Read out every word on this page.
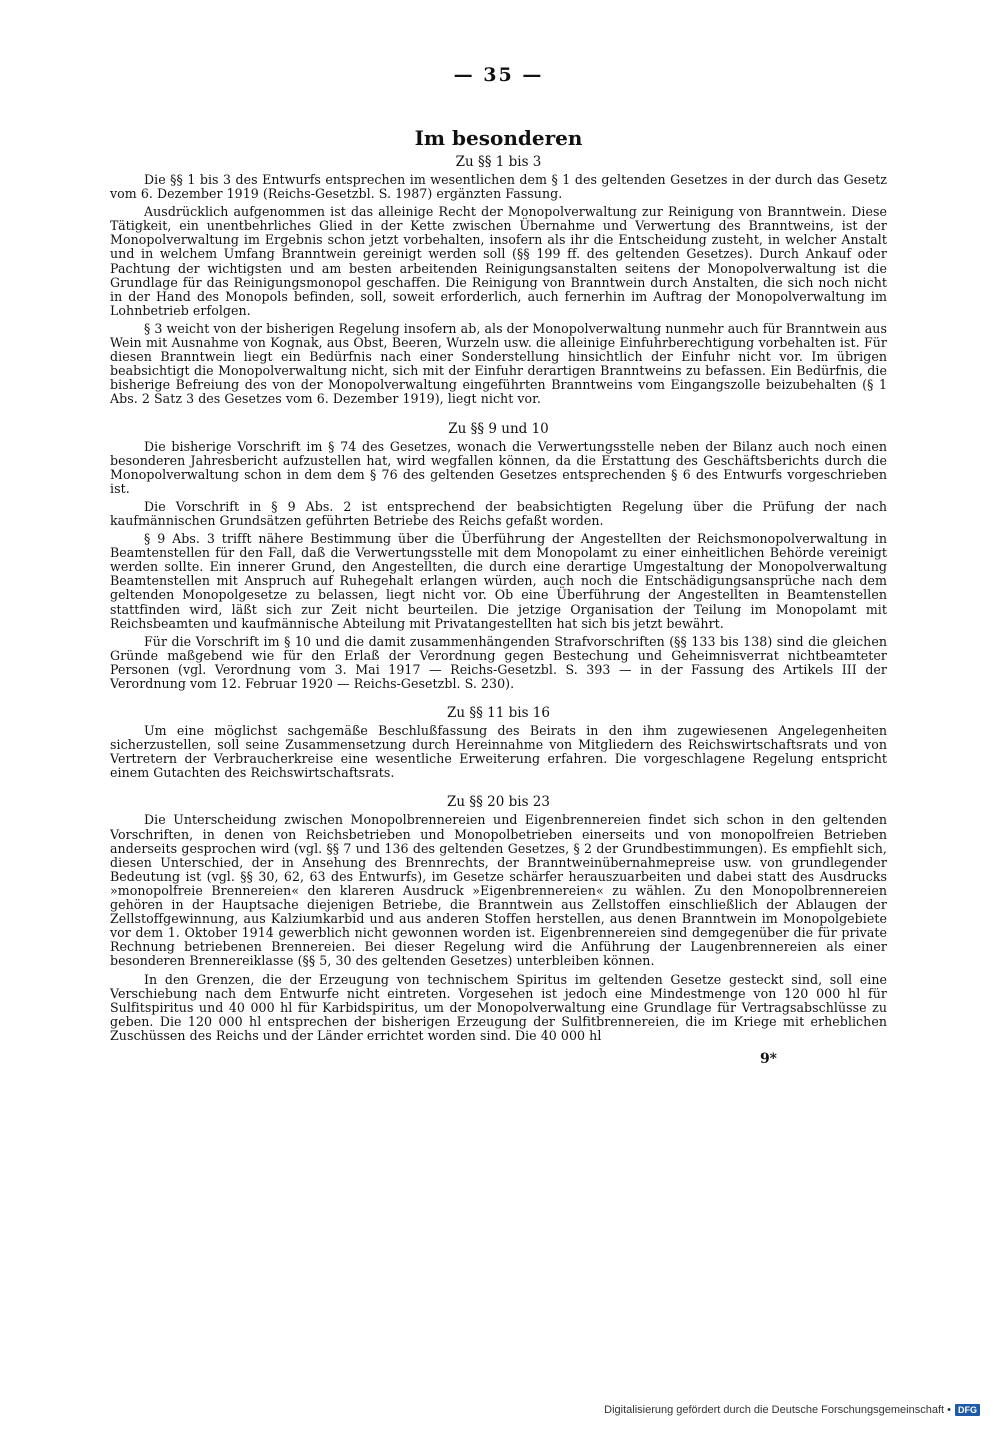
— 35 —
Im besonderen
Zu §§ 1 bis 3

Die §§ 1 bis 3 des Entwurfs entsprechen im wesentlichen dem § 1 des geltenden Gesetzes in der durch das Gesetz vom 6. Dezember 1919 (Reichs-Gesetzbl. S. 1987) ergänzten Fassung.

Ausdrücklich aufgenommen ist das alleinige Recht der Monopolverwaltung zur Reinigung von Branntwein. Diese Tätigkeit, ein unentbehrliches Glied in der Kette zwischen Übernahme und Verwertung des Branntweins, ist der Monopolverwaltung im Ergebnis schon jetzt vorbehalten, insofern als ihr die Entscheidung zusteht, in welcher Anstalt und in welchem Umfang Branntwein gereinigt werden soll (§§ 199 ff. des geltenden Gesetzes). Durch Ankauf oder Pachtung der wichtigsten und am besten arbeitenden Reinigungsanstalten seitens der Monopolverwaltung ist die Grundlage für das Reinigungsmonopol geschaffen. Die Reinigung von Branntwein durch Anstalten, die sich noch nicht in der Hand des Monopols befinden, soll, soweit erforderlich, auch fernerhin im Auftrag der Monopolverwaltung im Lohnbetrieb erfolgen.

§ 3 weicht von der bisherigen Regelung insofern ab, als der Monopolverwaltung nunmehr auch für Branntwein aus Wein mit Ausnahme von Kognak, aus Obst, Beeren, Wurzeln usw. die alleinige Einfuhrberechtigung vorbehalten ist. Für diesen Branntwein liegt ein Bedürfnis nach einer Sonderstellung hinsichtlich der Einfuhr nicht vor. Im übrigen beabsichtigt die Monopolverwaltung nicht, sich mit der Einfuhr derartigen Branntweins zu befassen. Ein Bedürfnis, die bisherige Befreiung des von der Monopolverwaltung eingeführten Branntweins vom Eingangszolle beizubehalten (§ 1 Abs. 2 Satz 3 des Gesetzes vom 6. Dezember 1919), liegt nicht vor.

Zu §§ 9 und 10

Die bisherige Vorschrift im § 74 des Gesetzes, wonach die Verwertungsstelle neben der Bilanz auch noch einen besonderen Jahresbericht aufzustellen hat, wird wegfallen können, da die Erstattung des Geschäftsberichts durch die Monopolverwaltung schon in dem dem § 76 des geltenden Gesetzes entsprechenden § 6 des Entwurfs vorgeschrieben ist.

Die Vorschrift in § 9 Abs. 2 ist entsprechend der beabsichtigten Regelung über die Prüfung der nach kaufmännischen Grundsätzen geführten Betriebe des Reichs gefaßt worden.

§ 9 Abs. 3 trifft nähere Bestimmung über die Überführung der Angestellten der Reichsmonopolverwaltung in Beamtenstellen für den Fall, daß die Verwertungsstelle mit dem Monopolamt zu einer einheitlichen Behörde vereinigt werden sollte. Ein innerer Grund, den Angestellten, die durch eine derartige Umgestaltung der Monopolverwaltung Beamtenstellen mit Anspruch auf Ruhegehalt erlangen würden, auch noch die Entschädigungsansprüche nach dem geltenden Monopolgesetze zu belassen, liegt nicht vor. Ob eine Überführung der Angestellten in Beamtenstellen stattfinden wird, läßt sich zur Zeit nicht beurteilen. Die jetzige Organisation der Teilung im Monopolamt mit Reichsbeamten und kaufmännische Abteilung mit Privatangestellten hat sich bis jetzt bewährt.

Für die Vorschrift im § 10 und die damit zusammenhängenden Strafvorschriften (§§ 133 bis 138) sind die gleichen Gründe maßgebend wie für den Erlaß der Verordnung gegen Bestechung und Geheimnisverrat nichtbeamteter Personen (vgl. Verordnung vom 3. Mai 1917 — Reichs-Gesetzbl. S. 393 — in der Fassung des Artikels III der Verordnung vom 12. Februar 1920 — Reichs-Gesetzbl. S. 230).

Zu §§ 11 bis 16

Um eine möglichst sachgemäße Beschlußfassung des Beirats in den ihm zugewiesenen Angelegenheiten sicherzustellen, soll seine Zusammensetzung durch Hereinnahme von Mitgliedern des Reichswirtschaftsrats und von Vertretern der Verbraucherkreise eine wesentliche Erweiterung erfahren. Die vorgeschlagene Regelung entspricht einem Gutachten des Reichswirtschaftsrats.

Zu §§ 20 bis 23

Die Unterscheidung zwischen Monopolbrennereien und Eigenbrennereien findet sich schon in den geltenden Vorschriften, in denen von Reichsbetrieben und Monopolbetrieben einerseits und von monopolfreien Betrieben anderseits gesprochen wird (vgl. §§ 7 und 136 des geltenden Gesetzes, § 2 der Grundbestimmungen). Es empfiehlt sich, diesen Unterschied, der in Ansehung des Brennrechts, der Branntweinübernahmepreise usw. von grundlegender Bedeutung ist (vgl. §§ 30, 62, 63 des Entwurfs), im Gesetze schärfer herauszuarbeiten und dabei statt des Ausdrucks »monopolfreie Brennereien« den klareren Ausdruck »Eigenbrennereien« zu wählen. Zu den Monopolbrennereien gehören in der Hauptsache diejenigen Betriebe, die Branntwein aus Zellstoffen einschließlich der Ablaugen der Zellstoffgewinnung, aus Kalziumkarbid und aus anderen Stoffen herstellen, aus denen Branntwein im Monopolgebiete vor dem 1. Oktober 1914 gewerblich nicht gewonnen worden ist. Eigenbrennereien sind demgegenüber die für private Rechnung betriebenen Brennereien. Bei dieser Regelung wird die Anführung der Laugenbrennereien als einer besonderen Brennereiklasse (§§ 5, 30 des geltenden Gesetzes) unterbleiben können.

In den Grenzen, die der Erzeugung von technischem Spiritus im geltenden Gesetze gesteckt sind, soll eine Verschiebung nach dem Entwurfe nicht eintreten. Vorgesehen ist jedoch eine Mindestmenge von 120 000 hl für Sulfitspiritus und 40 000 hl für Karbidspiritus, um der Monopolverwaltung eine Grundlage für Vertragsabschlüsse zu geben. Die 120 000 hl entsprechen der bisherigen Erzeugung der Sulfitbrennereien, die im Kriege mit erheblichen Zuschüssen des Reichs und der Länder errichtet worden sind. Die 40 000 hl

9*
Digitalisierung gefördert durch die Deutsche Forschungsgemeinschaft • DFG
